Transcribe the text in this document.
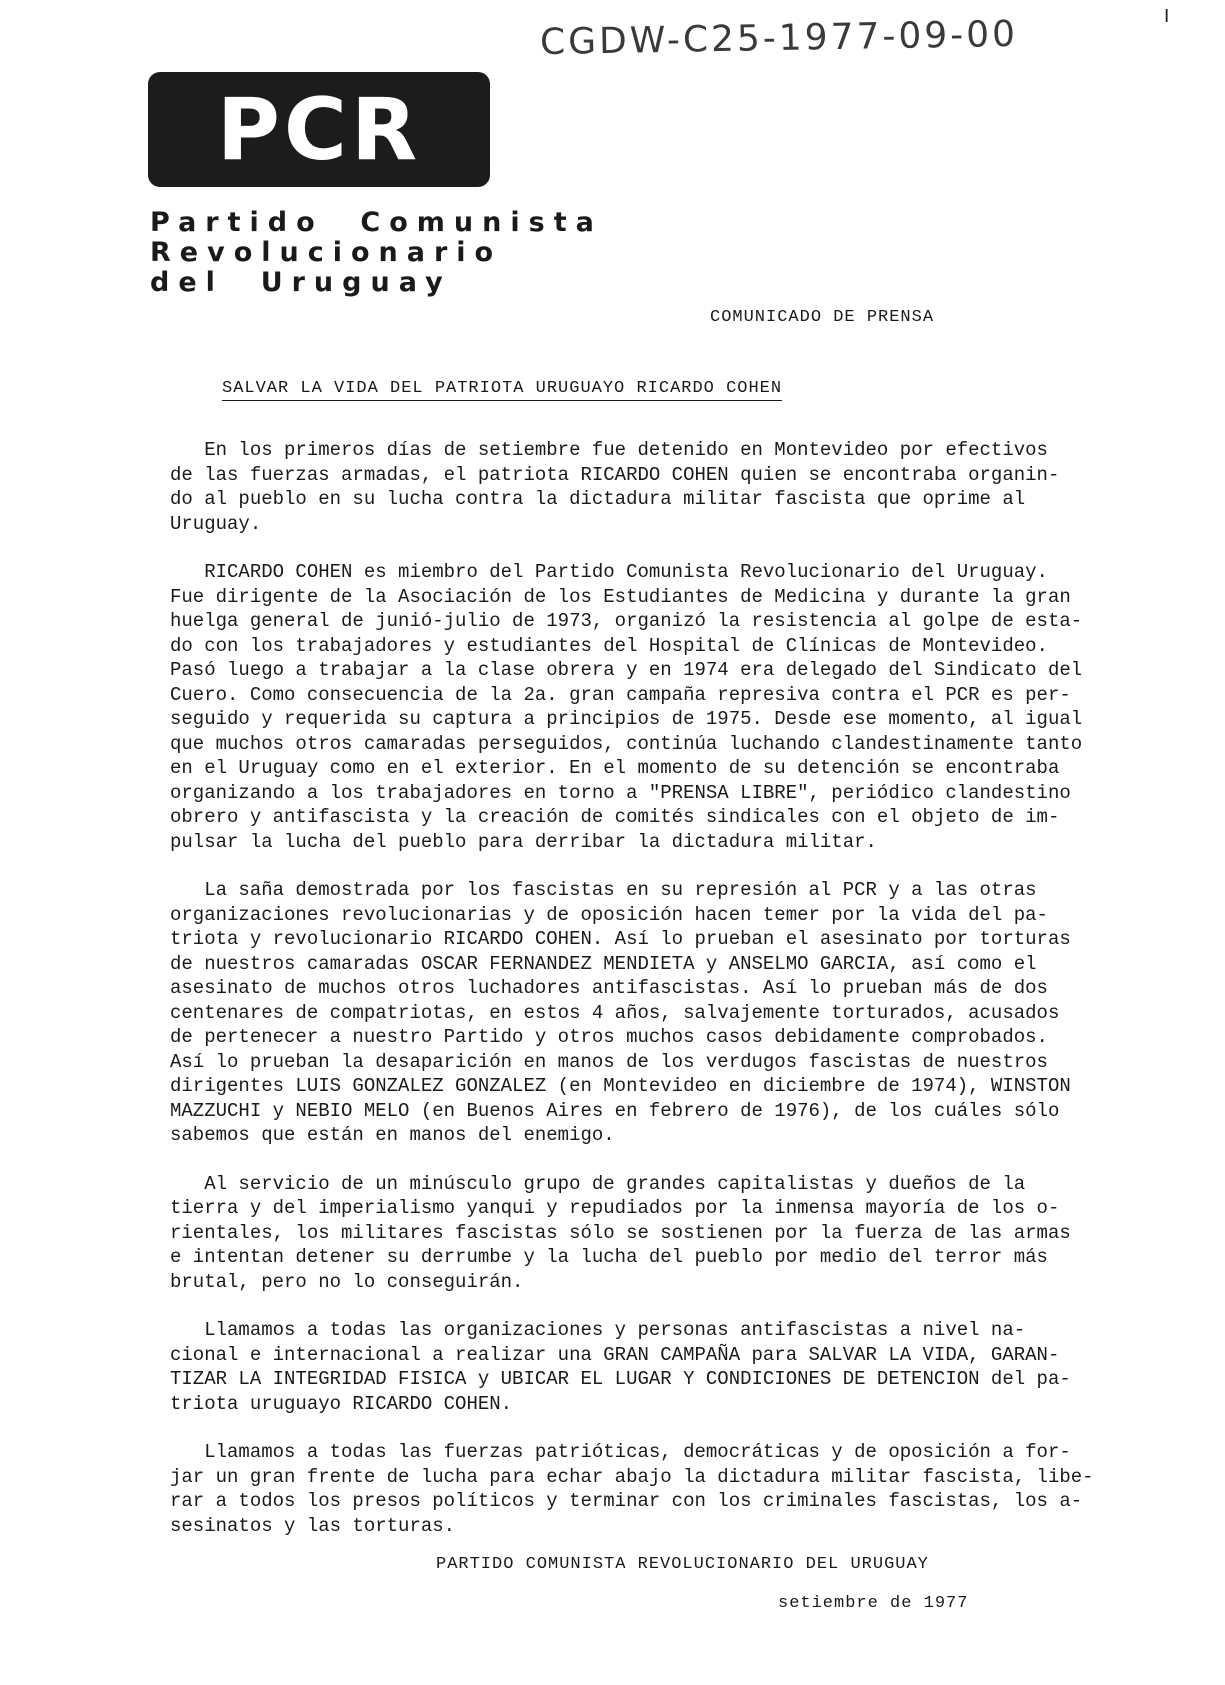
CGDW-C25-1977-09-00	I
PCR
Partido  Comunista
Revolucionario
del  Uruguay
COMUNICADO DE PRENSA
SALVAR LA VIDA DEL PATRIOTA URUGUAYO RICARDO COHEN

En los primeros días de setiembre fue detenido en Montevideo por efectivos
de las fuerzas armadas, el patriota RICARDO COHEN quien se encontraba organin-
do al pueblo en su lucha contra la dictadura militar fascista que oprime al
Uruguay.

RICARDO COHEN es miembro del Partido Comunista Revolucionario del Uruguay.
Fue dirigente de la Asociación de los Estudiantes de Medicina y durante la gran
huelga general de junió-julio de 1973, organizó la resistencia al golpe de esta-
do con los trabajadores y estudiantes del Hospital de Clínicas de Montevideo.
Pasó luego a trabajar a la clase obrera y en 1974 era delegado del Sindicato del
Cuero. Como consecuencia de la 2a. gran campaña represiva contra el PCR es per-
seguido y requerida su captura a principios de 1975. Desde ese momento, al igual
que muchos otros camaradas perseguidos, continúa luchando clandestinamente tanto
en el Uruguay como en el exterior. En el momento de su detención se encontraba
organizando a los trabajadores en torno a "PRENSA LIBRE", periódico clandestino
obrero y antifascista y la creación de comités sindicales con el objeto de im-
pulsar la lucha del pueblo para derribar la dictadura militar.

La saña demostrada por los fascistas en su represión al PCR y a las otras
organizaciones revolucionarias y de oposición hacen temer por la vida del pa-
triota y revolucionario RICARDO COHEN. Así lo prueban el asesinato por torturas
de nuestros camaradas OSCAR FERNANDEZ MENDIETA y ANSELMO GARCIA, así como el
asesinato de muchos otros luchadores antifascistas. Así lo prueban más de dos
centenares de compatriotas, en estos 4 años, salvajemente torturados, acusados
de pertenecer a nuestro Partido y otros muchos casos debidamente comprobados.
Así lo prueban la desaparición en manos de los verdugos fascistas de nuestros
dirigentes LUIS GONZALEZ GONZALEZ (en Montevideo en diciembre de 1974), WINSTON
MAZZUCHI y NEBIO MELO (en Buenos Aires en febrero de 1976), de los cuáles sólo
sabemos que están en manos del enemigo.

Al servicio de un minúsculo grupo de grandes capitalistas y dueños de la
tierra y del imperialismo yanqui y repudiados por la inmensa mayoría de los o-
rientales, los militares fascistas sólo se sostienen por la fuerza de las armas
e intentan detener su derrumbe y la lucha del pueblo por medio del terror más
brutal, pero no lo conseguirán.

Llamamos a todas las organizaciones y personas antifascistas a nivel na-
cional e internacional a realizar una GRAN CAMPAÑA para SALVAR LA VIDA, GARAN-
TIZAR LA INTEGRIDAD FISICA y UBICAR EL LUGAR Y CONDICIONES DE DETENCION del pa-
triota uruguayo RICARDO COHEN.

Llamamos a todas las fuerzas patrióticas, democráticas y de oposición a for-
jar un gran frente de lucha para echar abajo la dictadura militar fascista, libe-
rar a todos los presos políticos y terminar con los criminales fascistas, los a-
sesinatos y las torturas.

PARTIDO COMUNISTA REVOLUCIONARIO DEL URUGUAY
setiembre de 1977
